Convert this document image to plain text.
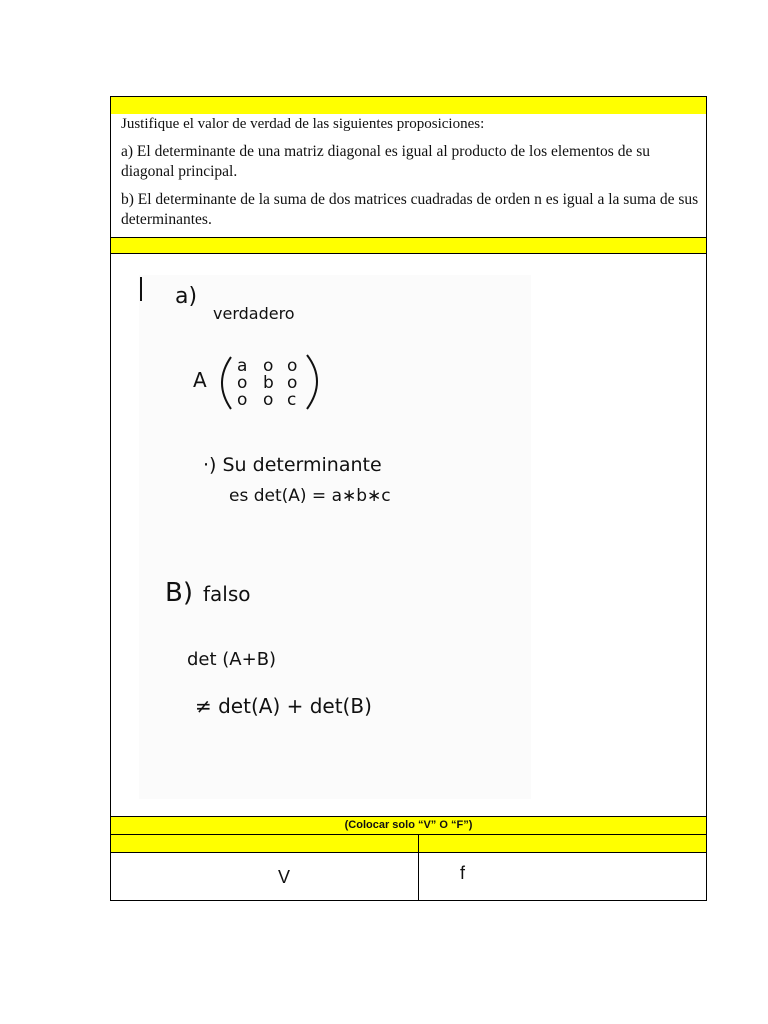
Justifique el valor de verdad de las siguientes proposiciones:

a) El determinante de una matriz diagonal es igual al producto de los elementos de su diagonal principal.

b) El determinante de la suma de dos matrices cuadradas de orden n es igual a la suma de sus determinantes.

a)
verdadero
A
a o o
o b o
o o c
·) Su determinante
es det(A) = a∗b∗c
B) falso
det (A+B)
≠ det(A) + det(B)
(Colocar solo “V” O “F”)
V	f
